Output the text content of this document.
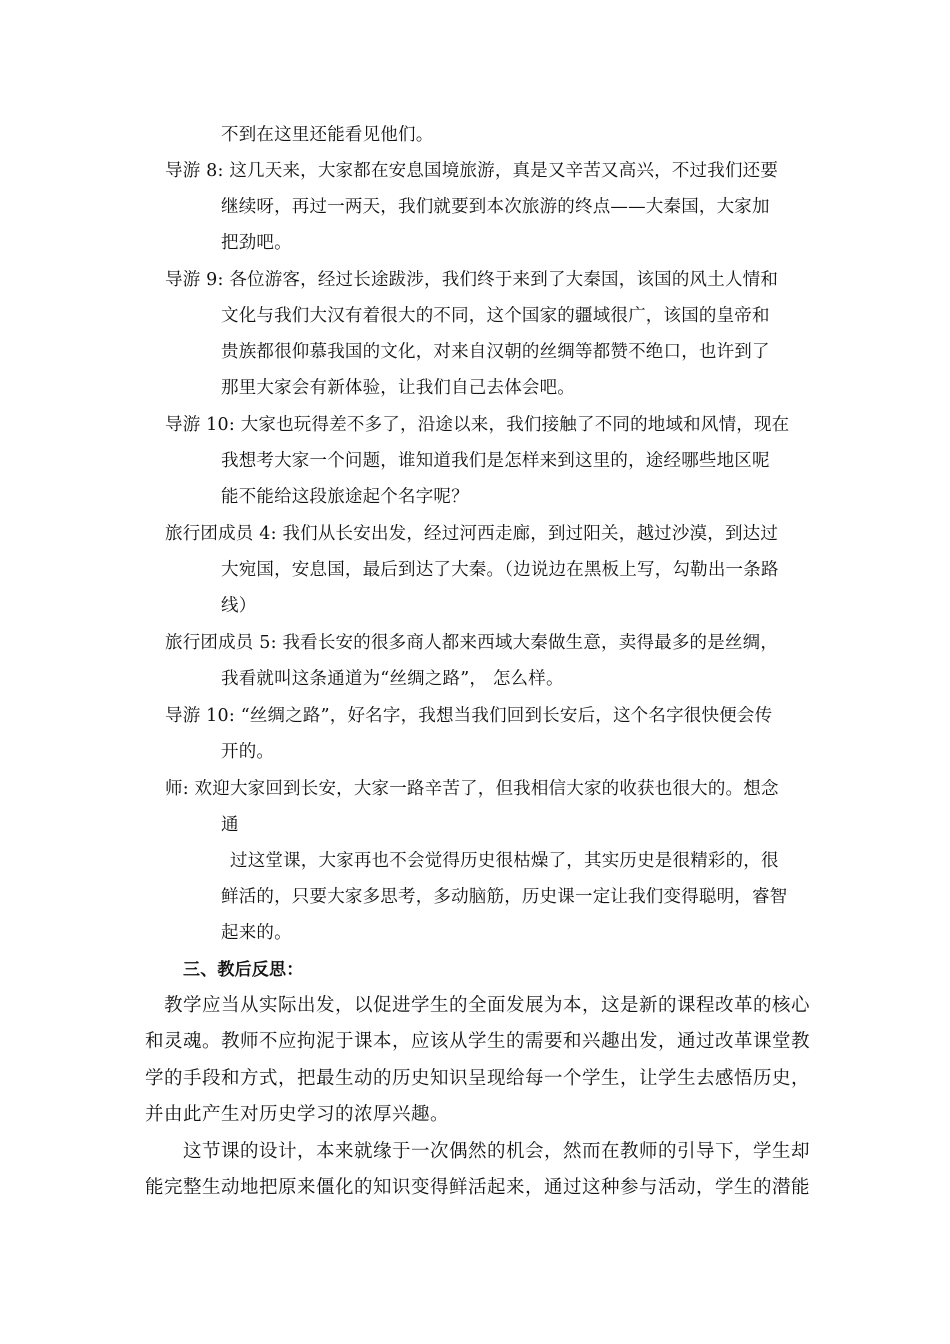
不到在这里还能看见他们。
导游 8: 这几天来，大家都在安息国境旅游，真是又辛苦又高兴，不过我们还要
继续呀，再过一两天，我们就要到本次旅游的终点——大秦国，大家加
把劲吧。
导游 9: 各位游客，经过长途跋涉，我们终于来到了大秦国，该国的风土人情和
文化与我们大汉有着很大的不同，这个国家的疆域很广，该国的皇帝和
贵族都很仰慕我国的文化，对来自汉朝的丝绸等都赞不绝口，也许到了
那里大家会有新体验，让我们自己去体会吧。
导游 10: 大家也玩得差不多了，沿途以来，我们接触了不同的地域和风情，现在
我想考大家一个问题，谁知道我们是怎样来到这里的，途经哪些地区呢
能不能给这段旅途起个名字呢？
旅行团成员 4: 我们从长安出发，经过河西走廊，到过阳关，越过沙漠，到达过
大宛国，安息国，最后到达了大秦。（边说边在黑板上写，勾勒出一条路
线）
旅行团成员 5: 我看长安的很多商人都来西域大秦做生意，卖得最多的是丝绸，
我看就叫这条通道为“丝绸之路”， 怎么样。
导游 10: “丝绸之路”，好名字，我想当我们回到长安后，这个名字很快便会传
开的。
师: 欢迎大家回到长安，大家一路辛苦了，但我相信大家的收获也很大的。想念
通
过这堂课，大家再也不会觉得历史很枯燥了，其实历史是很精彩的，很
鲜活的，只要大家多思考，多动脑筋，历史课一定让我们变得聪明，睿智
起来的。
三、教后反思：
教学应当从实际出发，以促进学生的全面发展为本，这是新的课程改革的核心
和灵魂。教师不应拘泥于课本，应该从学生的需要和兴趣出发，通过改革课堂教
学的手段和方式，把最生动的历史知识呈现给每一个学生，让学生去感悟历史，
并由此产生对历史学习的浓厚兴趣。
这节课的设计，本来就缘于一次偶然的机会，然而在教师的引导下，学生却
能完整生动地把原来僵化的知识变得鲜活起来，通过这种参与活动，学生的潜能
